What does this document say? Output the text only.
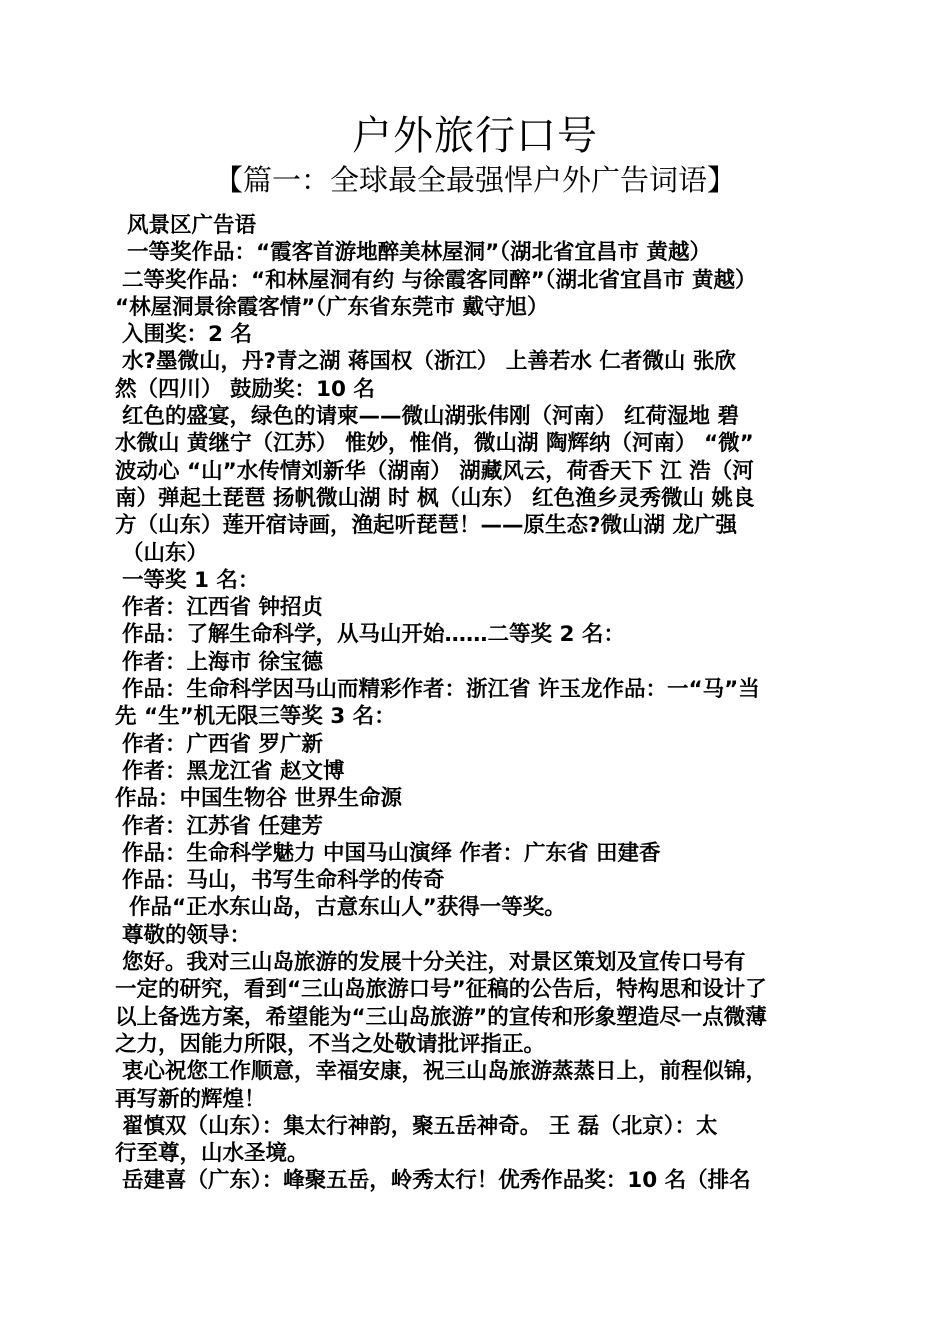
户外旅行口号
【篇一：全球最全最强悍户外广告词语】
风景区广告语
一等奖作品：“霞客首游地醉美林屋洞”（湖北省宜昌市 黄越）
二等奖作品：“和林屋洞有约 与徐霞客同醉”（湖北省宜昌市 黄越）
“林屋洞景徐霞客情”（广东省东莞市 戴守旭）
入围奖：2 名
水?墨微山，丹?青之湖 蒋国权（浙江） 上善若水 仁者微山 张欣
然（四川） 鼓励奖：10 名
红色的盛宴，绿色的请柬——微山湖张伟刚（河南） 红荷湿地 碧
水微山 黄继宁（江苏） 惟妙，惟俏，微山湖 陶辉纳（河南） “微”
波动心 “山”水传情刘新华（湖南） 湖藏风云，荷香天下 江 浩（河
南）弹起土琵琶 扬帆微山湖 时 枫（山东） 红色渔乡灵秀微山 姚良
方（山东）莲开宿诗画，渔起听琵琶！——原生态?微山湖 龙广强
（山东）
一等奖 1 名：
作者：江西省 钟招贞
作品：了解生命科学，从马山开始……二等奖 2 名：
作者：上海市 徐宝德
作品：生命科学因马山而精彩作者：浙江省 许玉龙作品：一“马”当
先 “生”机无限三等奖 3 名：
作者：广西省 罗广新
作者：黑龙江省 赵文博
作品：中国生物谷 世界生命源
作者：江苏省 任建芳
作品：生命科学魅力 中国马山演绎 作者：广东省 田建香
作品：马山，书写生命科学的传奇
作品“正水东山岛，古意东山人”获得一等奖。
尊敬的领导：
您好。我对三山岛旅游的发展十分关注，对景区策划及宣传口号有
一定的研究，看到“三山岛旅游口号”征稿的公告后，特构思和设计了
以上备选方案，希望能为“三山岛旅游”的宣传和形象塑造尽一点微薄
之力，因能力所限，不当之处敬请批评指正。
衷心祝您工作顺意，幸福安康，祝三山岛旅游蒸蒸日上，前程似锦，
再写新的辉煌！
翟慎双（山东）：集太行神韵，聚五岳神奇。 王 磊（北京）：太
行至尊，山水圣境。
岳建喜（广东）：峰聚五岳，岭秀太行！优秀作品奖：10 名（排名
